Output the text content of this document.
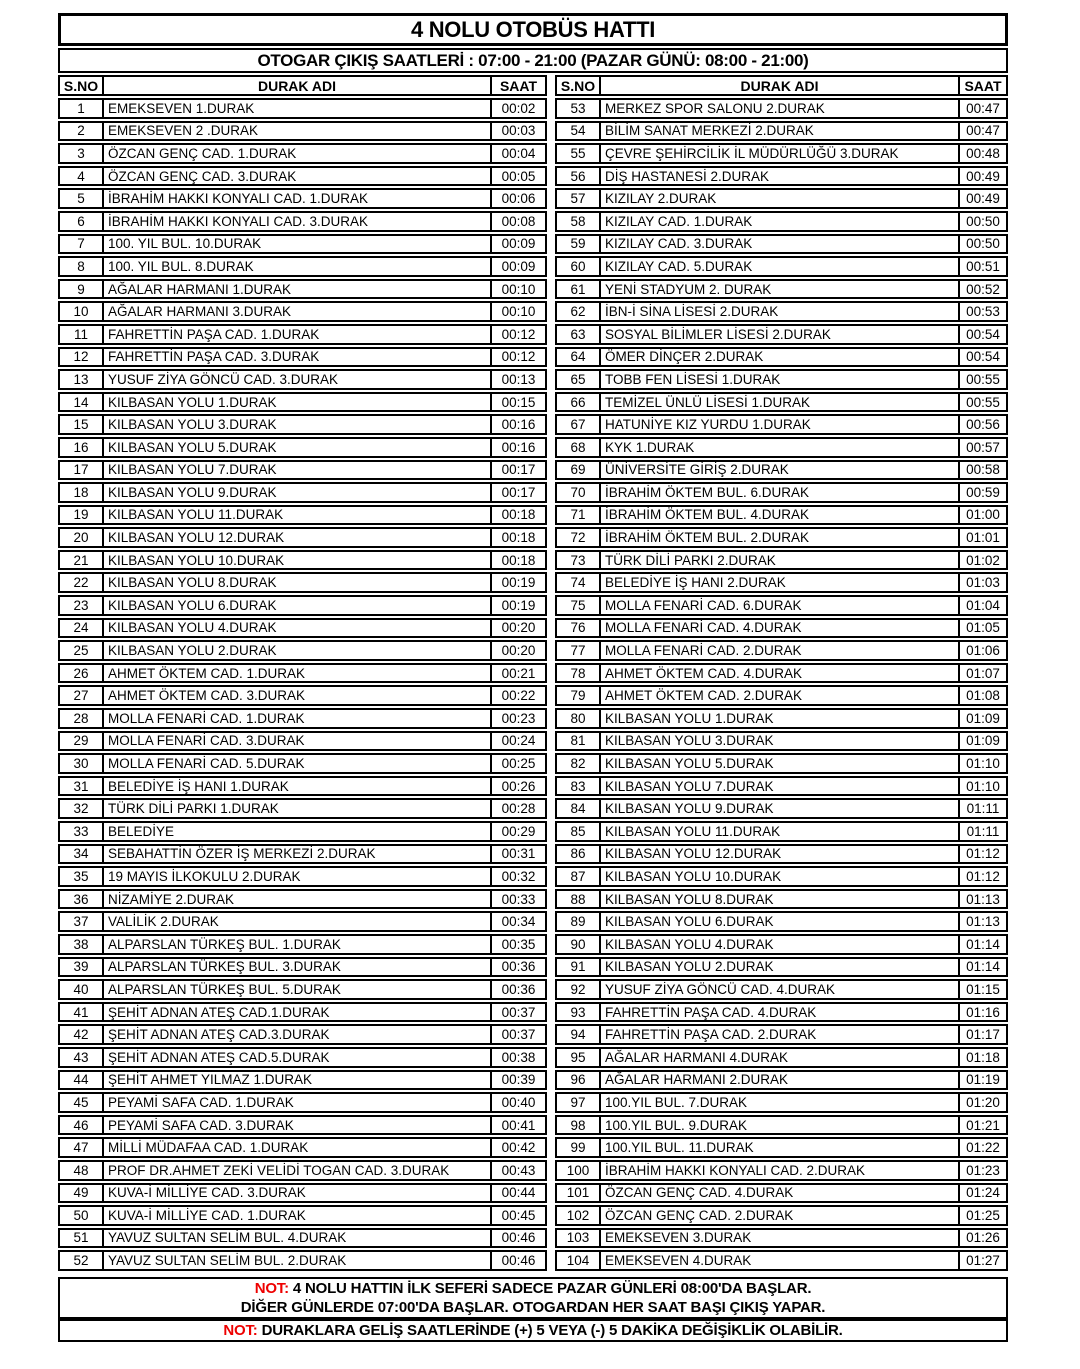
4 NOLU OTOBÜS HATTI
OTOGAR ÇIKIŞ SAATLERİ : 07:00 - 21:00 (PAZAR GÜNÜ: 08:00 - 21:00)
S.NO	DURAK ADI	SAAT
1	EMEKSEVEN 1.DURAK	00:02
2	EMEKSEVEN 2 .DURAK	00:03
3	ÖZCAN GENÇ CAD. 1.DURAK	00:04
4	ÖZCAN GENÇ CAD. 3.DURAK	00:05
5	İBRAHİM HAKKI KONYALI CAD. 1.DURAK	00:06
6	İBRAHİM HAKKI KONYALI CAD. 3.DURAK	00:08
7	100. YIL BUL. 10.DURAK	00:09
8	100. YIL BUL. 8.DURAK	00:09
9	AĞALAR HARMANI 1.DURAK	00:10
10	AĞALAR HARMANI 3.DURAK	00:10
11	FAHRETTİN PAŞA CAD. 1.DURAK	00:12
12	FAHRETTİN PAŞA CAD. 3.DURAK	00:12
13	YUSUF ZİYA GÖNCÜ CAD. 3.DURAK	00:13
14	KILBASAN YOLU 1.DURAK	00:15
15	KILBASAN YOLU 3.DURAK	00:16
16	KILBASAN YOLU 5.DURAK	00:16
17	KILBASAN YOLU 7.DURAK	00:17
18	KILBASAN YOLU 9.DURAK	00:17
19	KILBASAN YOLU 11.DURAK	00:18
20	KILBASAN YOLU 12.DURAK	00:18
21	KILBASAN YOLU 10.DURAK	00:18
22	KILBASAN YOLU 8.DURAK	00:19
23	KILBASAN YOLU 6.DURAK	00:19
24	KILBASAN YOLU 4.DURAK	00:20
25	KILBASAN YOLU 2.DURAK	00:20
26	AHMET ÖKTEM CAD. 1.DURAK	00:21
27	AHMET ÖKTEM CAD. 3.DURAK	00:22
28	MOLLA FENARİ CAD. 1.DURAK	00:23
29	MOLLA FENARİ CAD. 3.DURAK	00:24
30	MOLLA FENARİ CAD. 5.DURAK	00:25
31	BELEDİYE İŞ HANI 1.DURAK	00:26
32	TÜRK DİLİ PARKI 1.DURAK	00:28
33	BELEDİYE	00:29
34	SEBAHATTİN ÖZER İŞ MERKEZİ 2.DURAK	00:31
35	19 MAYIS İLKOKULU 2.DURAK	00:32
36	NİZAMİYE 2.DURAK	00:33
37	VALİLİK 2.DURAK	00:34
38	ALPARSLAN TÜRKEŞ BUL. 1.DURAK	00:35
39	ALPARSLAN TÜRKEŞ BUL. 3.DURAK	00:36
40	ALPARSLAN TÜRKEŞ BUL. 5.DURAK	00:36
41	ŞEHİT ADNAN ATEŞ CAD.1.DURAK	00:37
42	ŞEHİT ADNAN ATEŞ CAD.3.DURAK	00:37
43	ŞEHİT ADNAN ATEŞ CAD.5.DURAK	00:38
44	ŞEHİT AHMET YILMAZ 1.DURAK	00:39
45	PEYAMİ SAFA CAD. 1.DURAK	00:40
46	PEYAMİ SAFA CAD. 3.DURAK	00:41
47	MİLLİ MÜDAFAA CAD. 1.DURAK	00:42
48	PROF DR.AHMET ZEKİ VELİDİ TOGAN CAD. 3.DURAK	00:43
49	KUVA-İ MİLLİYE CAD. 3.DURAK	00:44
50	KUVA-İ MİLLİYE CAD. 1.DURAK	00:45
51	YAVUZ SULTAN SELİM BUL. 4.DURAK	00:46
52	YAVUZ SULTAN SELİM BUL. 2.DURAK	00:46
S.NO	DURAK ADI	SAAT
53	MERKEZ SPOR SALONU 2.DURAK	00:47
54	BİLİM SANAT MERKEZİ 2.DURAK	00:47
55	ÇEVRE ŞEHİRCİLİK İL MÜDÜRLÜĞÜ 3.DURAK	00:48
56	DİŞ HASTANESİ 2.DURAK	00:49
57	KIZILAY 2.DURAK	00:49
58	KIZILAY CAD. 1.DURAK	00:50
59	KIZILAY CAD. 3.DURAK	00:50
60	KIZILAY CAD. 5.DURAK	00:51
61	YENİ STADYUM 2. DURAK	00:52
62	İBN-İ SİNA LİSESİ 2.DURAK	00:53
63	SOSYAL BİLİMLER LİSESİ 2.DURAK	00:54
64	ÖMER DİNÇER 2.DURAK	00:54
65	TOBB FEN LİSESİ 1.DURAK	00:55
66	TEMİZEL ÜNLÜ LİSESİ 1.DURAK	00:55
67	HATUNİYE KIZ YURDU 1.DURAK	00:56
68	KYK 1.DURAK	00:57
69	ÜNİVERSİTE GİRİŞ 2.DURAK	00:58
70	İBRAHİM ÖKTEM BUL. 6.DURAK	00:59
71	İBRAHİM ÖKTEM BUL. 4.DURAK	01:00
72	İBRAHİM ÖKTEM BUL. 2.DURAK	01:01
73	TÜRK DİLİ PARKI 2.DURAK	01:02
74	BELEDİYE İŞ HANI 2.DURAK	01:03
75	MOLLA FENARİ CAD. 6.DURAK	01:04
76	MOLLA FENARİ CAD. 4.DURAK	01:05
77	MOLLA FENARİ CAD. 2.DURAK	01:06
78	AHMET ÖKTEM CAD. 4.DURAK	01:07
79	AHMET ÖKTEM CAD. 2.DURAK	01:08
80	KILBASAN YOLU 1.DURAK	01:09
81	KILBASAN YOLU 3.DURAK	01:09
82	KILBASAN YOLU 5.DURAK	01:10
83	KILBASAN YOLU 7.DURAK	01:10
84	KILBASAN YOLU 9.DURAK	01:11
85	KILBASAN YOLU 11.DURAK	01:11
86	KILBASAN YOLU 12.DURAK	01:12
87	KILBASAN YOLU 10.DURAK	01:12
88	KILBASAN YOLU 8.DURAK	01:13
89	KILBASAN YOLU 6.DURAK	01:13
90	KILBASAN YOLU 4.DURAK	01:14
91	KILBASAN YOLU 2.DURAK	01:14
92	YUSUF ZİYA GÖNCÜ CAD. 4.DURAK	01:15
93	FAHRETTİN PAŞA CAD. 4.DURAK	01:16
94	FAHRETTİN PAŞA CAD. 2.DURAK	01:17
95	AĞALAR HARMANI 4.DURAK	01:18
96	AĞALAR HARMANI 2.DURAK	01:19
97	100.YIL BUL. 7.DURAK	01:20
98	100.YIL BUL. 9.DURAK	01:21
99	100.YIL BUL. 11.DURAK	01:22
100	İBRAHİM HAKKI KONYALI CAD. 2.DURAK	01:23
101	ÖZCAN GENÇ CAD. 4.DURAK	01:24
102	ÖZCAN GENÇ CAD. 2.DURAK	01:25
103	EMEKSEVEN 3.DURAK	01:26
104	EMEKSEVEN 4.DURAK	01:27
NOT: 4 NOLU HATTIN İLK SEFERİ SADECE PAZAR GÜNLERİ 08:00'DA BAŞLAR.
DİĞER GÜNLERDE 07:00'DA BAŞLAR. OTOGARDAN HER SAAT BAŞI ÇIKIŞ YAPAR.
NOT: DURAKLARA GELİŞ SAATLERİNDE (+) 5 VEYA (-) 5 DAKİKA DEĞİŞİKLİK OLABİLİR.
